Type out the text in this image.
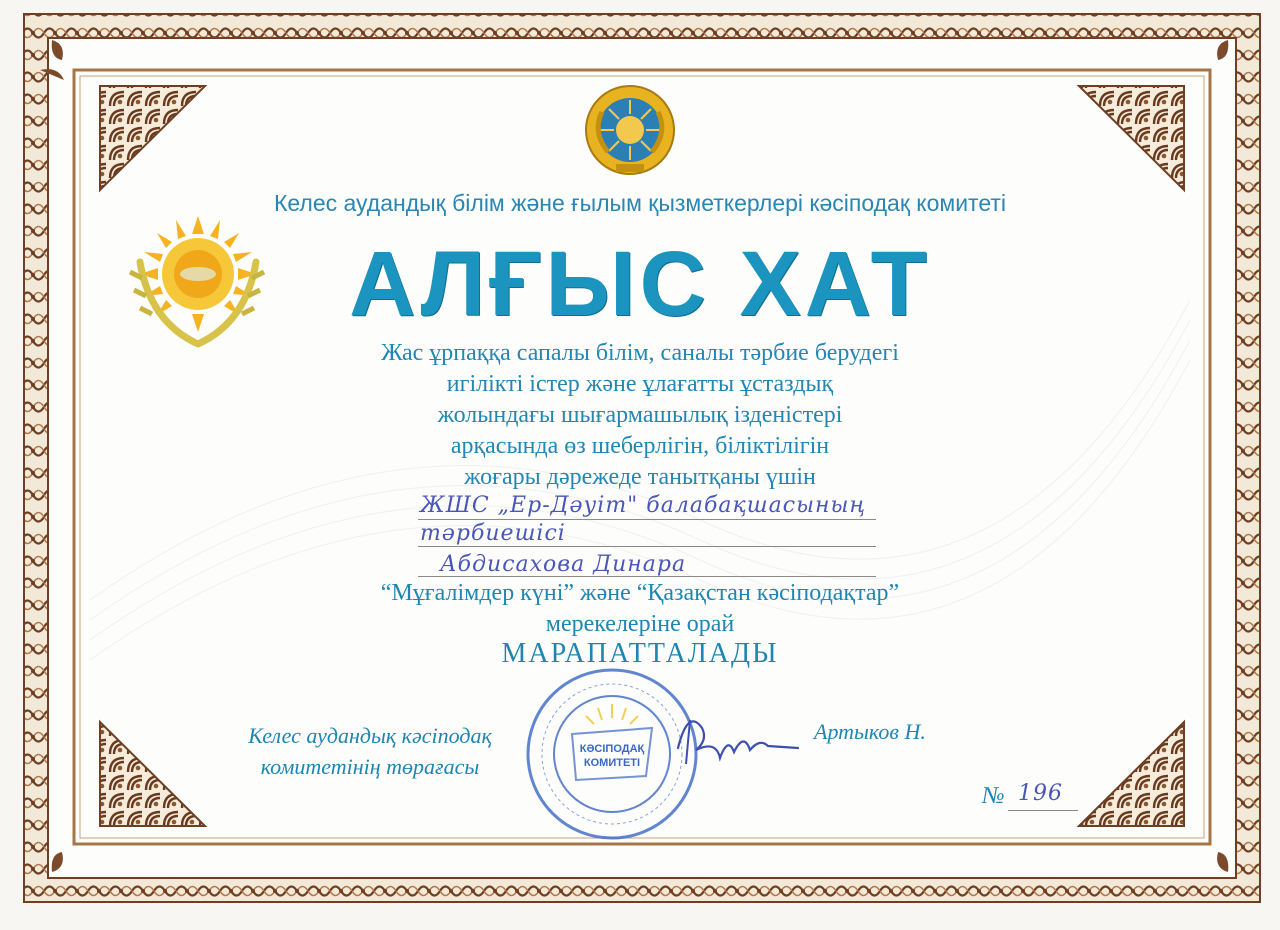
КӘСІПОДАҚ
КОМИТЕТІ
Келес аудандық білім және ғылым қызметкерлері кәсіподақ комитеті
АЛҒЫС ХАТ
Жас ұрпаққа сапалы білім, саналы тәрбие берудегі
игілікті істер және ұлағатты ұстаздық
жолындағы шығармашылық ізденістері
арқасында өз шеберлігін, біліктілігін
жоғары дәрежеде танытқаны үшін
ЖШС „Ер-Дәуіт" балабақшасының
тәрбиешісі
Абдисахова Динара
“Мұғалімдер күні” және “Қазақстан кәсіподақтар”
мерекелеріне орай
МАРАПАТТАЛАДЫ
Келес аудандық кәсіподақ
комитетінің төрағасы
Артыков Н.
№ 196
